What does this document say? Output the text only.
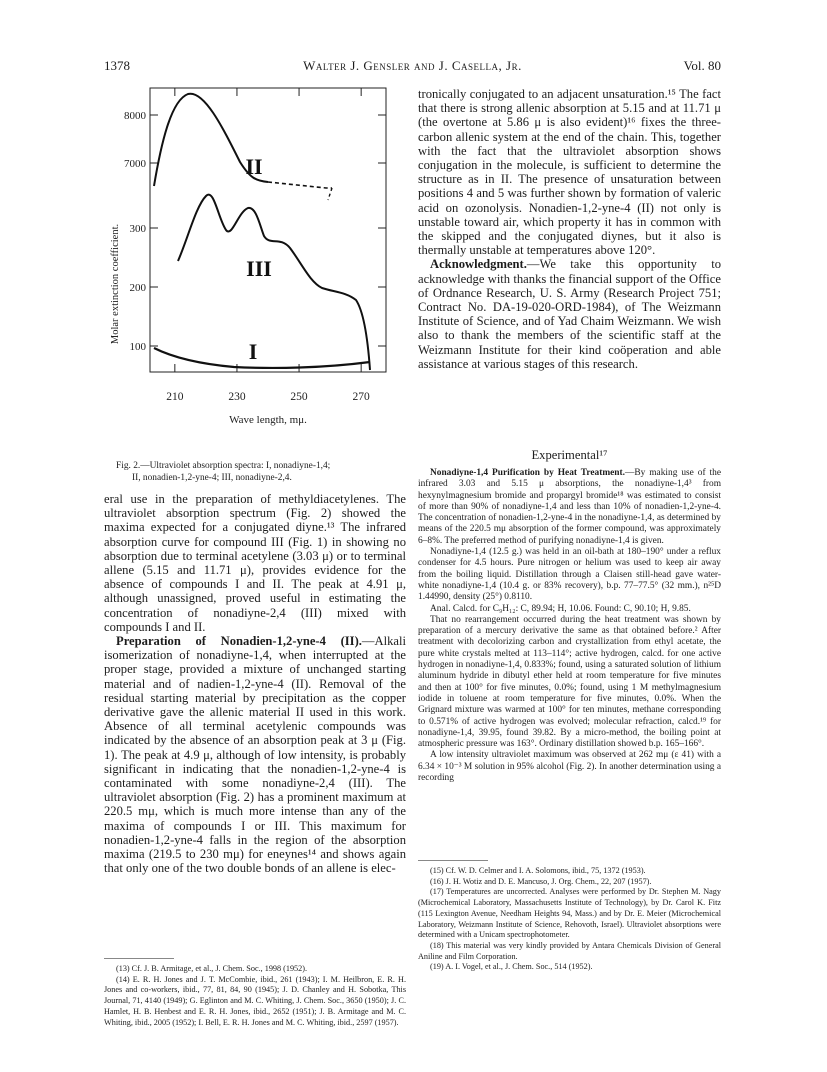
1378	Walter J. Gensler and J. Casella, Jr.	Vol. 80
Molar extinction coefficient.
8000
7000
300
200
100
210	230	250	270
II
III
I
Wave length, mμ.
Fig. 2.—Ultraviolet absorption spectra: I, nonadiyne-1,4;
II, nonadien-1,2-yne-4; III, nonadiyne-2,4.

eral use in the preparation of methyldiacetylenes. The ultraviolet absorption spectrum (Fig. 2) showed the maxima expected for a conjugated diyne.¹³ The infrared absorption curve for compound III (Fig. 1) in showing no absorption due to terminal acetylene (3.03 μ) or to terminal allene (5.15 and 11.71 μ), provides evidence for the absence of compounds I and II. The peak at 4.91 μ, although unassigned, proved useful in estimating the concentration of nonadiyne-2,4 (III) mixed with compounds I and II.

Preparation of Nonadien-1,2-yne-4 (II).—Alkali isomerization of nonadiyne-1,4, when interrupted at the proper stage, provided a mixture of unchanged starting material and of nadien-1,2-yne-4 (II). Removal of the residual starting material by precipitation as the copper derivative gave the allenic material II used in this work. Absence of all terminal acetylenic compounds was indicated by the absence of an absorption peak at 3 μ (Fig. 1). The peak at 4.9 μ, although of low intensity, is probably significant in indicating that the nonadien-1,2-yne-4 is contaminated with some nonadiyne-2,4 (III). The ultraviolet absorption (Fig. 2) has a prominent maximum at 220.5 mμ, which is much more intense than any of the maxima of compounds I or III. This maximum for nonadien-1,2-yne-4 falls in the region of the absorption maxima (219.5 to 230 mμ) for eneynes¹⁴ and shows again that only one of the two double bonds of an allene is elec-

(13) Cf. J. B. Armitage, et al., J. Chem. Soc., 1998 (1952).

(14) E. R. H. Jones and J. T. McCombie, ibid., 261 (1943); I. M. Heilbron, E. R. H. Jones and co-workers, ibid., 77, 81, 84, 90 (1945); J. D. Chanley and H. Sobotka, This Journal, 71, 4140 (1949); G. Eglinton and M. C. Whiting, J. Chem. Soc., 3650 (1950); J. C. Hamlet, H. B. Henbest and E. R. H. Jones, ibid., 2652 (1951); J. B. Armitage and M. C. Whiting, ibid., 2005 (1952); I. Bell, E. R. H. Jones and M. C. Whiting, ibid., 2597 (1957).

tronically conjugated to an adjacent unsaturation.¹⁵ The fact that there is strong allenic absorption at 5.15 and at 11.71 μ (the overtone at 5.86 μ is also evident)¹⁶ fixes the three-carbon allenic system at the end of the chain. This, together with the fact that the ultraviolet absorption shows conjugation in the molecule, is sufficient to determine the structure as in II. The presence of unsaturation between positions 4 and 5 was further shown by formation of valeric acid on ozonolysis. Nonadien-1,2-yne-4 (II) not only is unstable toward air, which property it has in common with the skipped and the conjugated diynes, but it also is thermally unstable at temperatures above 120°.

Acknowledgment.—We take this opportunity to acknowledge with thanks the financial support of the Office of Ordnance Research, U. S. Army (Research Project 751; Contract No. DA-19-020-ORD-1984), of The Weizmann Institute of Science, and of Yad Chaim Weizmann. We wish also to thank the members of the scientific staff at the Weizmann Institute for their kind coöperation and able assistance at various stages of this research.

Experimental¹⁷

Nonadiyne-1,4 Purification by Heat Treatment.—By making use of the infrared 3.03 and 5.15 μ absorptions, the nonadiyne-1,4³ from hexynylmagnesium bromide and propargyl bromide¹⁸ was estimated to consist of more than 90% of nonadiyne-1,4 and less than 10% of nonadien-1,2-yne-4. The concentration of nonadien-1,2-yne-4 in the nonadiyne-1,4, as determined by means of the 220.5 mμ absorption of the former compound, was approximately 6–8%. The preferred method of purifying nonadiyne-1,4 is given.

Nonadiyne-1,4 (12.5 g.) was held in an oil-bath at 180–190° under a reflux condenser for 4.5 hours. Pure nitrogen or helium was used to keep air away from the boiling liquid. Distillation through a Claisen still-head gave water-white nonadiyne-1,4 (10.4 g. or 83% recovery), b.p. 77–77.5° (32 mm.), n²⁵D 1.44990, density (25°) 0.8110.

Anal. Calcd. for C₉H₁₂: C, 89.94; H, 10.06. Found: C, 90.10; H, 9.85.

That no rearrangement occurred during the heat treatment was shown by preparation of a mercury derivative the same as that obtained before.² After treatment with decolorizing carbon and crystallization from ethyl acetate, the pure white crystals melted at 113–114°; active hydrogen, calcd. for one active hydrogen in nonadiyne-1,4, 0.833%; found, using a saturated solution of lithium aluminum hydride in dibutyl ether held at room temperature for five minutes and then at 100° for five minutes, 0.0%; found, using 1 M methylmagnesium iodide in toluene at room temperature for five minutes, 0.0%. When the Grignard mixture was warmed at 100° for ten minutes, methane corresponding to 0.571% of active hydrogen was evolved; molecular refraction, calcd.¹⁹ for nonadiyne-1,4, 39.95, found 39.82. By a micro-method, the boiling point at atmospheric pressure was 163°. Ordinary distillation showed b.p. 165–166°.

A low intensity ultraviolet maximum was observed at 262 mμ (ε 41) with a 6.34 × 10⁻³ M solution in 95% alcohol (Fig. 2). In another determination using a recording

(15) Cf. W. D. Celmer and I. A. Solomons, ibid., 75, 1372 (1953).

(16) J. H. Wotiz and D. E. Mancuso, J. Org. Chem., 22, 207 (1957).

(17) Temperatures are uncorrected. Analyses were performed by Dr. Stephen M. Nagy (Microchemical Laboratory, Massachusetts Institute of Technology), by Dr. Carol K. Fitz (115 Lexington Avenue, Needham Heights 94, Mass.) and by Dr. E. Meier (Microchemical Laboratory, Weizmann Institute of Science, Rehovoth, Israel). Ultraviolet absorptions were determined with a Unicam spectrophotometer.

(18) This material was very kindly provided by Antara Chemicals Division of General Aniline and Film Corporation.

(19) A. I. Vogel, et al., J. Chem. Soc., 514 (1952).
